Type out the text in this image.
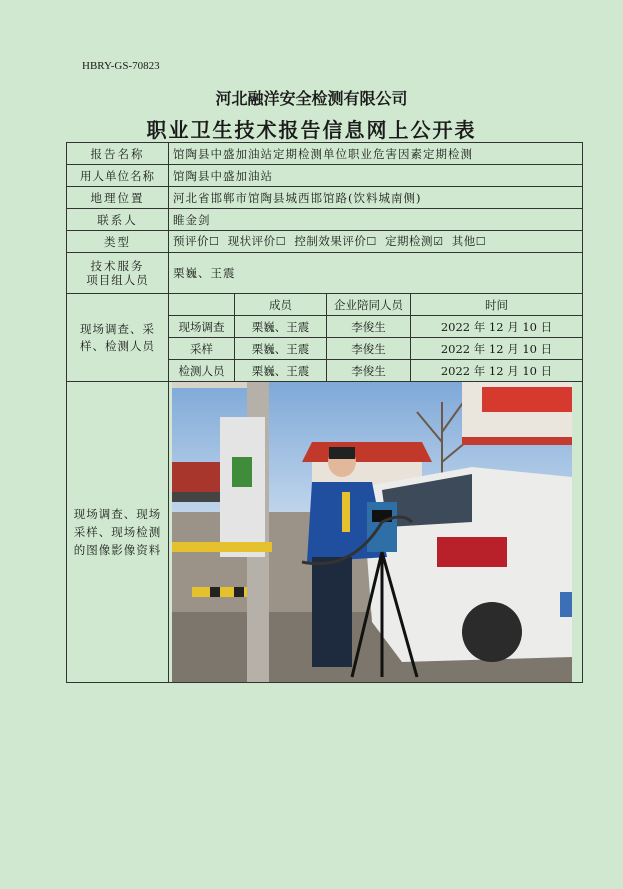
HBRY-GS-70823
河北融洋安全检测有限公司
职业卫生技术报告信息网上公开表
报告名称	馆陶县中盛加油站定期检测单位职业危害因素定期检测			
用人单位名称	馆陶县中盛加油站			
地理位置	河北省邯郸市馆陶县城西邯馆路(饮料城南侧)			
联系人	睢金剑			
类型	预评价☐ 现状评价☐ 控制效果评价☐ 定期检测☑ 其他☐			

技术服务
项目组人员	栗巍、王震			
现场调查、采样、检测人员		成员	企业陪同人员	时间
	现场调查	栗巍、王震	李俊生	2022 年 12 月 10 日
	采样	栗巍、王震	李俊生	2022 年 12 月 10 日
	检测人员	栗巍、王震	李俊生	2022 年 12 月 10 日
现场调查、现场采样、现场检测的图像影像资料	
